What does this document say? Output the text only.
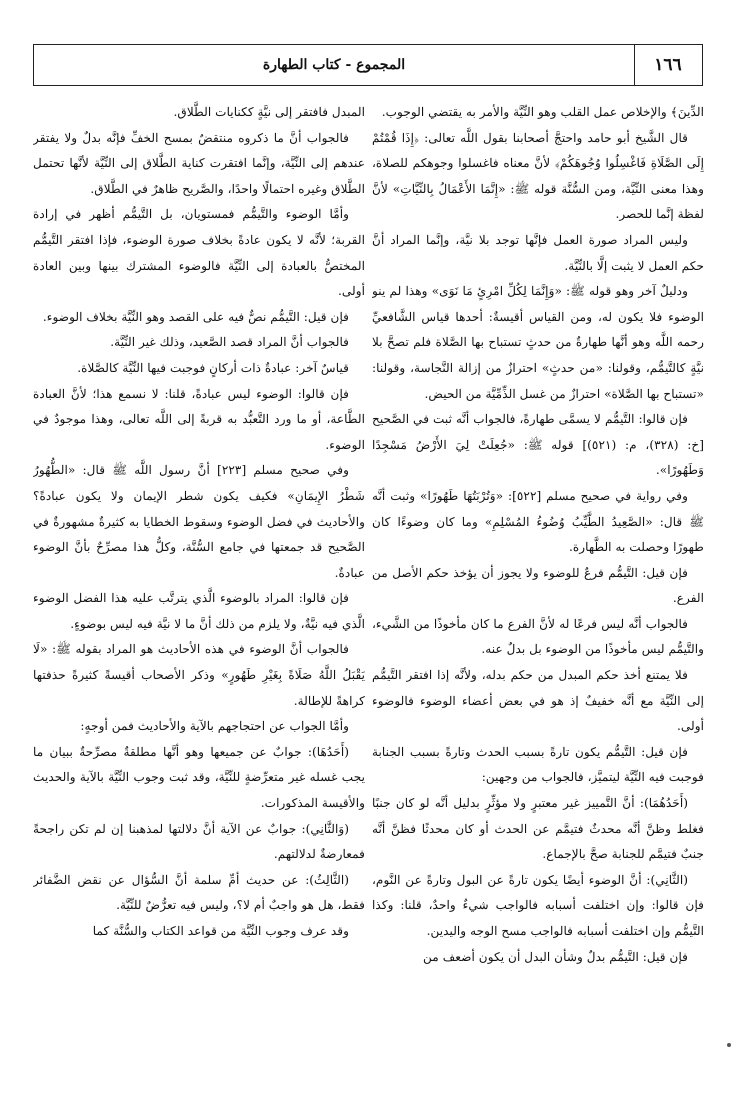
المجموع - كتاب الطهارة	١٦٦

الدِّينَ﴾ والإخلاص عمل القلب وهو النِّيَّة والأمر به يقتضي الوجوب.

قال الشَّيخ أبو حامد واحتجَّ أصحابنا بقول اللَّه تعالى: ﴿إِذَا قُمْتُمْ إِلَى الصَّلَاةِ فَاغْسِلُوا وُجُوهَكُمْ﴾ لأنَّ معناه فاغسلوا وجوهكم للصلاة، وهذا معنى النِّيَّة، ومن السُّنَّة قوله ﷺ: «إِنَّمَا الأَعْمَالُ بِالنِّيَّاتِ» لأنَّ لفظة إنَّما للحصر.

وليس المراد صورة العمل فإنَّها توجد بلا نيَّة، وإنَّما المراد أنَّ حكم العمل لا يثبت إلَّا بالنِّيَّة.

ودليلٌ آخر وهو قوله ﷺ: «وَإِنَّمَا لِكُلِّ امْرِئٍ مَا نَوَى» وهذا لم ينو الوضوء فلا يكون له، ومن القياس أقيسةٌ: أحدها قياس الشَّافعيِّ رحمه اللَّه وهو أنَّها طهارةٌ من حدثٍ تستباح بها الصَّلاة فلم تصحَّ بلا نيَّةٍ كالتَّيمُّم، وقولنا: «من حدثٍ» احترازٌ من إزالة النَّجاسة، وقولنا: «تستباح بها الصَّلاة» احترازٌ من غسل الذِّمِّيَّة من الحيض.

فإن قالوا: التَّيمُّم لا يسمَّى طهارةً، فالجواب أنَّه ثبت في الصَّحيح [خ: (٣٢٨)، م: (٥٢١)] قوله ﷺ: «جُعِلَتْ لِيَ الأَرْضُ مَسْجِدًا وَطَهُورًا».

وفي رواية في صحيح مسلم [٥٢٢]: «وَتُرْبَتُهَا طَهُورًا» وثبت أنَّه ﷺ قال: «الصَّعِيدُ الطَّيِّبُ وُضُوءُ المُسْلِمِ» وما كان وضوءًا كان طهورًا وحصلت به الطَّهارة.

فإن قيل: التَّيمُّم فرعٌ للوضوء ولا يجوز أن يؤخذ حكم الأصل من الفرع.

فالجواب أنَّه ليس فرعًا له لأنَّ الفرع ما كان مأخوذًا من الشَّيء، والتَّيمُّم ليس مأخوذًا من الوضوء بل بدلٌ عنه.

فلا يمتنع أخذ حكم المبدل من حكم بدله، ولأنَّه إذا افتقر التَّيمُّم إلى النِّيَّة مع أنَّه خفيفٌ إذ هو في بعض أعضاء الوضوء فالوضوء أولى.

فإن قيل: التَّيمُّم يكون تارةً بسبب الحدث وتارةً بسبب الجنابة فوجبت فيه النِّيَّة ليتميَّز، فالجواب من وجهين:

(أَحَدُهُمَا): أنَّ التَّمييز غير معتبرٍ ولا مؤثِّرٍ بدليل أنَّه لو كان جنبًا فغلط وظنَّ أنَّه محدثٌ فتيمَّم عن الحدث أو كان محدثًا فظنَّ أنَّه جنبٌ فتيمَّم للجنابة صحَّ بالإجماع.

(الثَّانِي): أنَّ الوضوء أيضًا يكون تارةً عن البول وتارةً عن النَّوم، فإن قالوا: وإن اختلفت أسبابه فالواجب شيءٌ واحدٌ، قلنا: وكذا التَّيمُّم وإن اختلفت أسبابه فالواجب مسح الوجه واليدين.

فإن قيل: التَّيمُّم بدلٌ وشأن البدل أن يكون أضعف من

المبدل فافتقر إلى نيَّةٍ ككنايات الطَّلاق.

فالجواب أنَّ ما ذكروه منتقضٌ بمسح الخفِّ فإنَّه بدلٌ ولا يفتقر عندهم إلى النِّيَّة، وإنَّما افتقرت كناية الطَّلاق إلى النِّيَّة لأنَّها تحتمل الطَّلاق وغيره احتمالًا واحدًا، والصَّريح ظاهرٌ في الطَّلاق.

وأمَّا الوضوء والتَّيمُّم فمستويان، بل التَّيمُّم أظهر في إرادة القربة؛ لأنَّه لا يكون عادةً بخلاف صورة الوضوء، فإذا افتقر التَّيمُّم المختصُّ بالعبادة إلى النِّيَّة فالوضوء المشترك بينها وبين العادة أولى.

فإن قيل: التَّيمُّم نصٌّ فيه على القصد وهو النِّيَّة بخلاف الوضوء.

فالجواب أنَّ المراد قصد الصَّعيد، وذلك غير النِّيَّة.

قياسٌ آخر: عبادةٌ ذات أركانٍ فوجبت فيها النِّيَّة كالصَّلاة.

فإن قالوا: الوضوء ليس عبادةً، قلنا: لا نسمع هذا؛ لأنَّ العبادة الطَّاعة، أو ما ورد التَّعبُّد به قربةً إلى اللَّه تعالى، وهذا موجودٌ في الوضوء.

وفي صحيح مسلم [٢٢٣] أنَّ رسول اللَّه ﷺ قال: «الطُّهُورُ شَطْرُ الإِيمَانِ» فكيف يكون شطر الإيمان ولا يكون عبادةً؟ والأحاديث في فضل الوضوء وسقوط الخطايا به كثيرةٌ مشهورةٌ في الصَّحيح قد جمعتها في جامع السُّنَّة، وكلُّ هذا مصرِّحٌ بأنَّ الوضوء عبادةٌ.

فإن قالوا: المراد بالوضوء الَّذي يترتَّب عليه هذا الفضل الوضوء الَّذي فيه نيَّةٌ، ولا يلزم من ذلك أنَّ ما لا نيَّة فيه ليس بوضوءٍ.

فالجواب أنَّ الوضوء في هذه الأحاديث هو المراد بقوله ﷺ: «لَا يَقْبَلُ اللَّهُ صَلَاةً بِغَيْرِ طَهُورٍ» وذكر الأصحاب أقيسةً كثيرةً حذفتها كراهةً للإطالة.

وأمَّا الجواب عن احتجاجهم بالآية والأحاديث فمن أوجهٍ:

(أَحَدُهَا): جوابٌ عن جميعها وهو أنَّها مطلقةٌ مصرِّحةٌ ببيان ما يجب غسله غير متعرِّضةٍ للنِّيَّة، وقد ثبت وجوب النِّيَّة بالآية والحديث والأقيسة المذكورات.

(وَالثَّانِي): جوابٌ عن الآية أنَّ دلالتها لمذهبنا إن لم تكن راجحةً فمعارضةٌ لدلالتهم.

(الثَّالِثُ): عن حديث أمِّ سلمة أنَّ السُّؤال عن نقض الضَّفائر فقط، هل هو واجبٌ أم لا؟، وليس فيه تعرُّضٌ للنِّيَّة.

وقد عرف وجوب النِّيَّة من قواعد الكتاب والسُّنَّة كما
